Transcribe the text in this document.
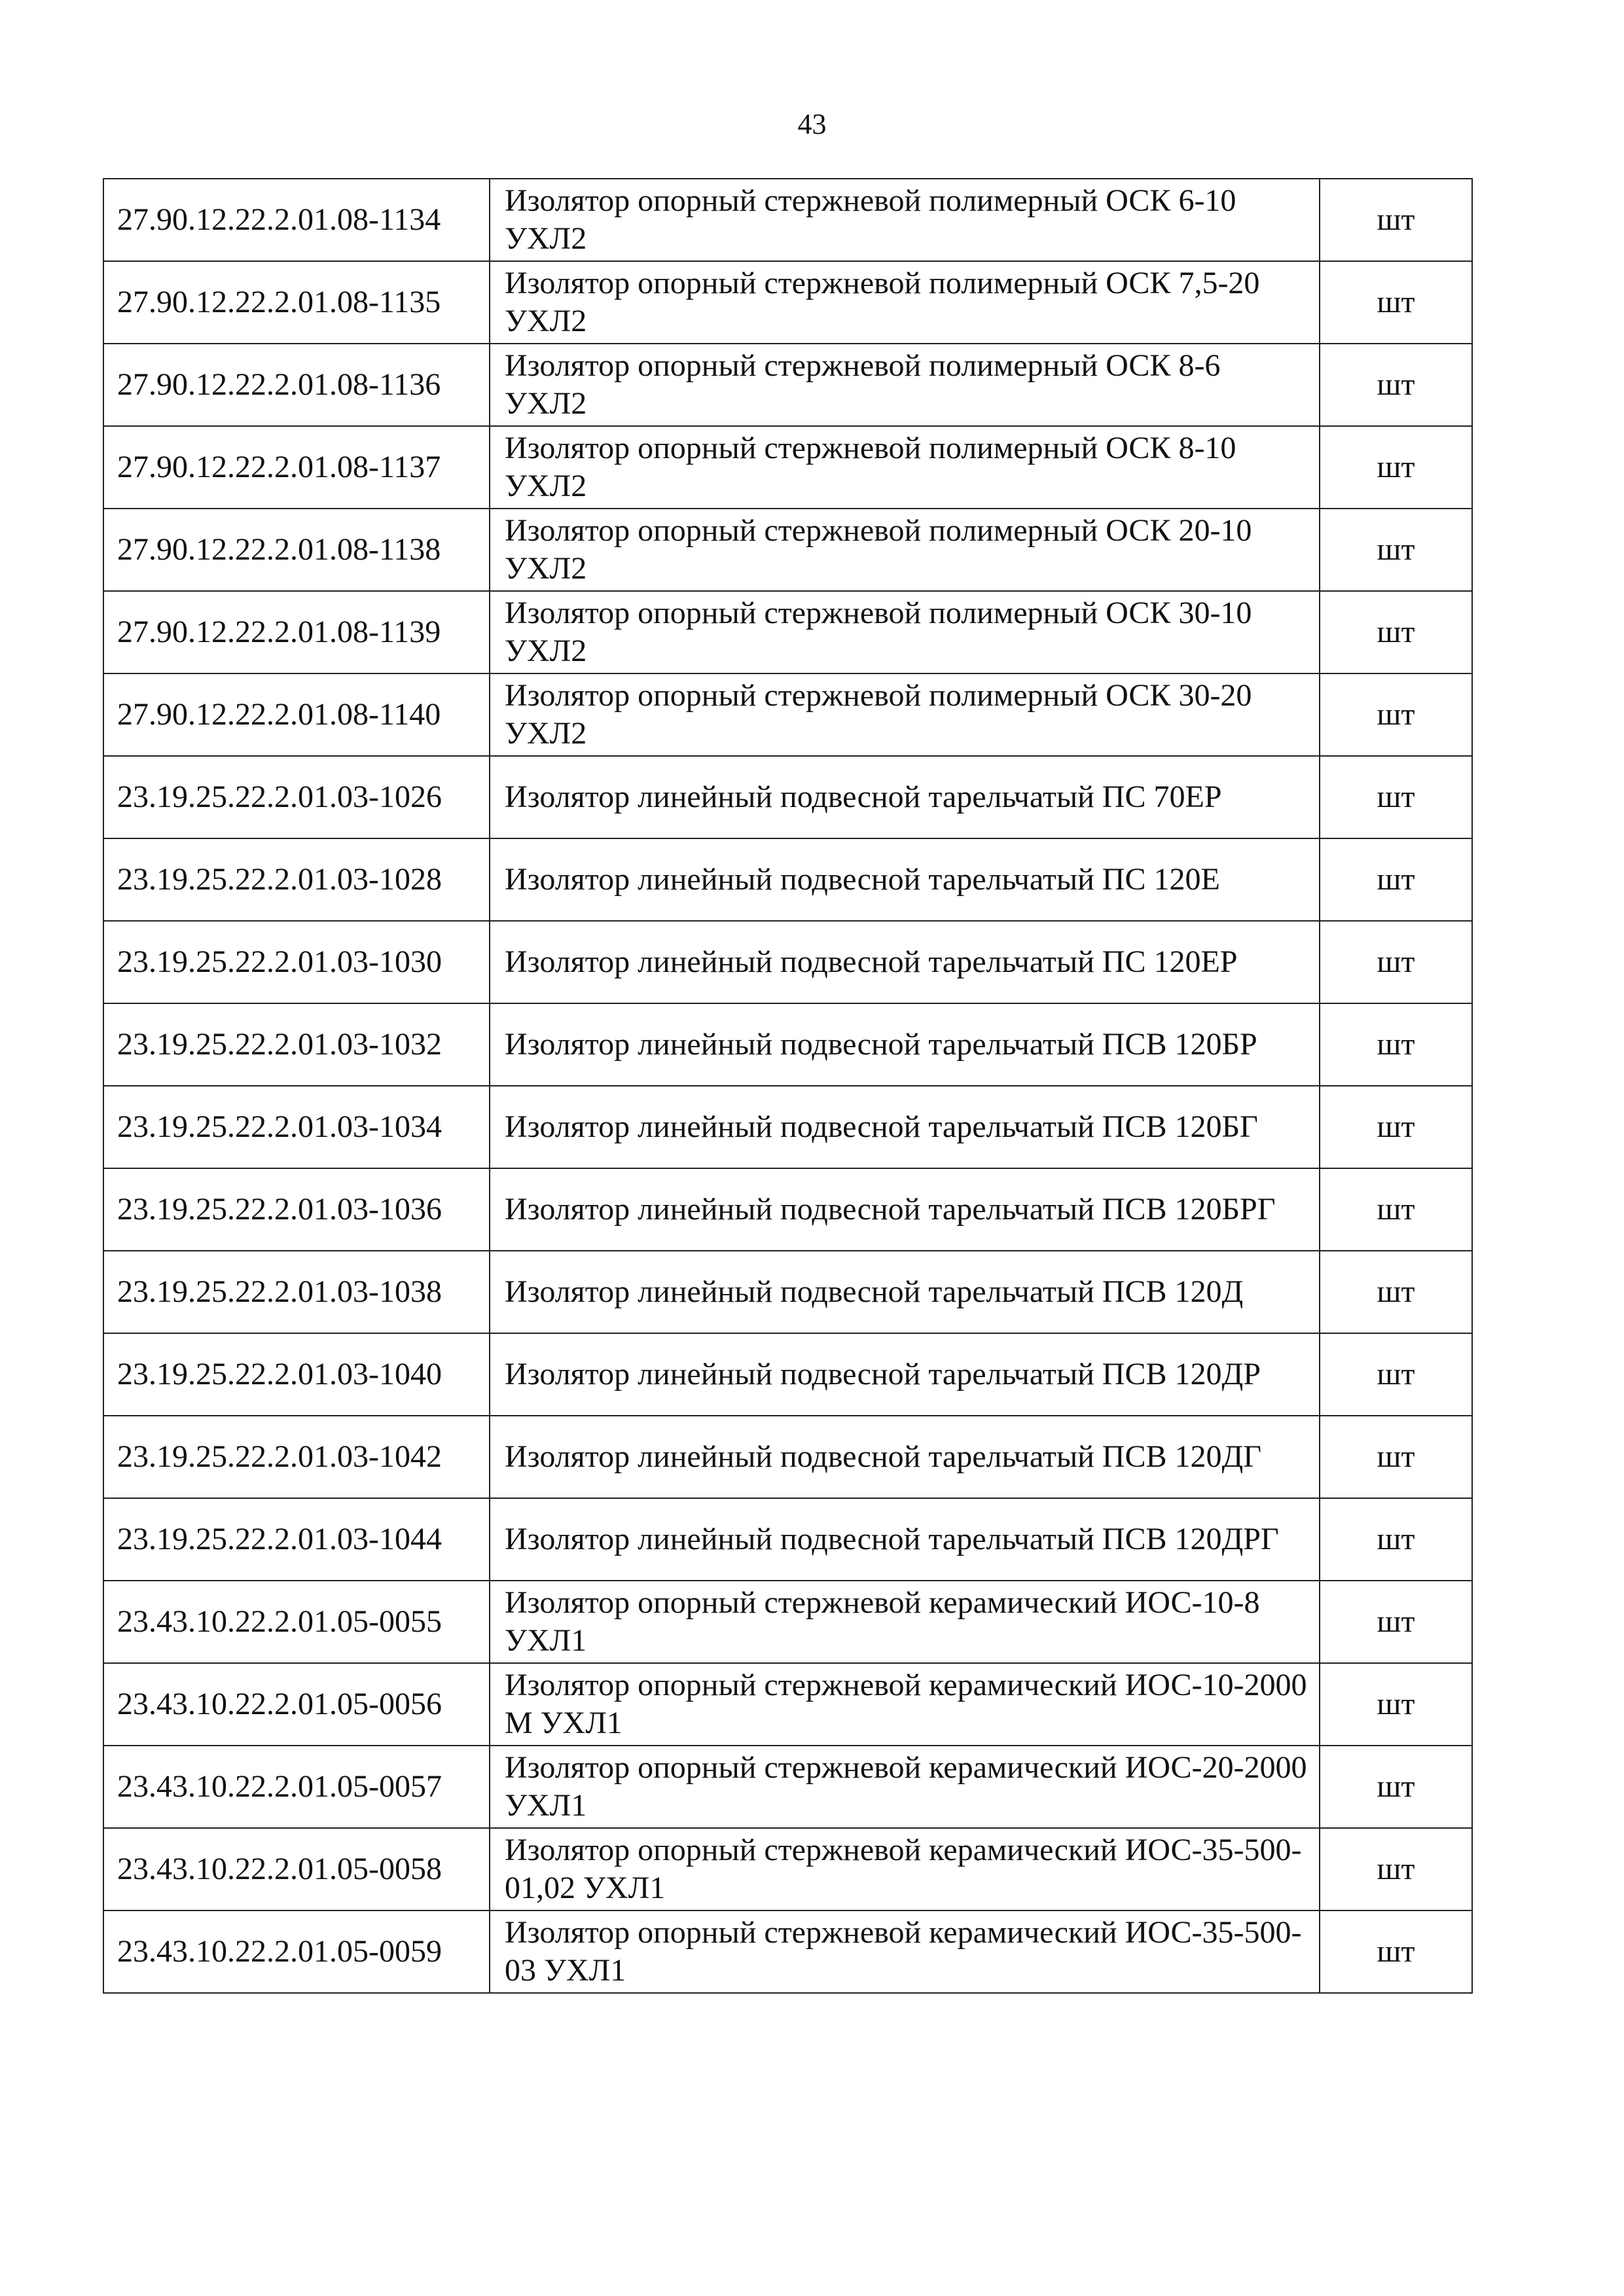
43
27.90.12.22.2.01.08-1134	Изолятор опорный стержневой полимерный ОСК 6-10 УХЛ2	шт
27.90.12.22.2.01.08-1135	Изолятор опорный стержневой полимерный ОСК 7,5-20 УХЛ2	шт
27.90.12.22.2.01.08-1136	Изолятор опорный стержневой полимерный ОСК 8-6 УХЛ2	шт
27.90.12.22.2.01.08-1137	Изолятор опорный стержневой полимерный ОСК 8-10 УХЛ2	шт
27.90.12.22.2.01.08-1138	Изолятор опорный стержневой полимерный ОСК 20-10 УХЛ2	шт
27.90.12.22.2.01.08-1139	Изолятор опорный стержневой полимерный ОСК 30-10 УХЛ2	шт
27.90.12.22.2.01.08-1140	Изолятор опорный стержневой полимерный ОСК 30-20 УХЛ2	шт
23.19.25.22.2.01.03-1026	Изолятор линейный подвесной тарельчатый ПС 70ЕР	шт
23.19.25.22.2.01.03-1028	Изолятор линейный подвесной тарельчатый ПС 120Е	шт
23.19.25.22.2.01.03-1030	Изолятор линейный подвесной тарельчатый ПС 120ЕР	шт
23.19.25.22.2.01.03-1032	Изолятор линейный подвесной тарельчатый ПСВ 120БР	шт
23.19.25.22.2.01.03-1034	Изолятор линейный подвесной тарельчатый ПСВ 120БГ	шт
23.19.25.22.2.01.03-1036	Изолятор линейный подвесной тарельчатый ПСВ 120БРГ	шт
23.19.25.22.2.01.03-1038	Изолятор линейный подвесной тарельчатый ПСВ 120Д	шт
23.19.25.22.2.01.03-1040	Изолятор линейный подвесной тарельчатый ПСВ 120ДР	шт
23.19.25.22.2.01.03-1042	Изолятор линейный подвесной тарельчатый ПСВ 120ДГ	шт
23.19.25.22.2.01.03-1044	Изолятор линейный подвесной тарельчатый ПСВ 120ДРГ	шт
23.43.10.22.2.01.05-0055	Изолятор опорный стержневой керамический ИОС-10-8 УХЛ1	шт
23.43.10.22.2.01.05-0056	Изолятор опорный стержневой керамический ИОС-10-2000 М УХЛ1	шт
23.43.10.22.2.01.05-0057	Изолятор опорный стержневой керамический ИОС-20-2000 УХЛ1	шт
23.43.10.22.2.01.05-0058	Изолятор опорный стержневой керамический ИОС-35-500-01,02 УХЛ1	шт
23.43.10.22.2.01.05-0059	Изолятор опорный стержневой керамический ИОС-35-500-03 УХЛ1	шт
